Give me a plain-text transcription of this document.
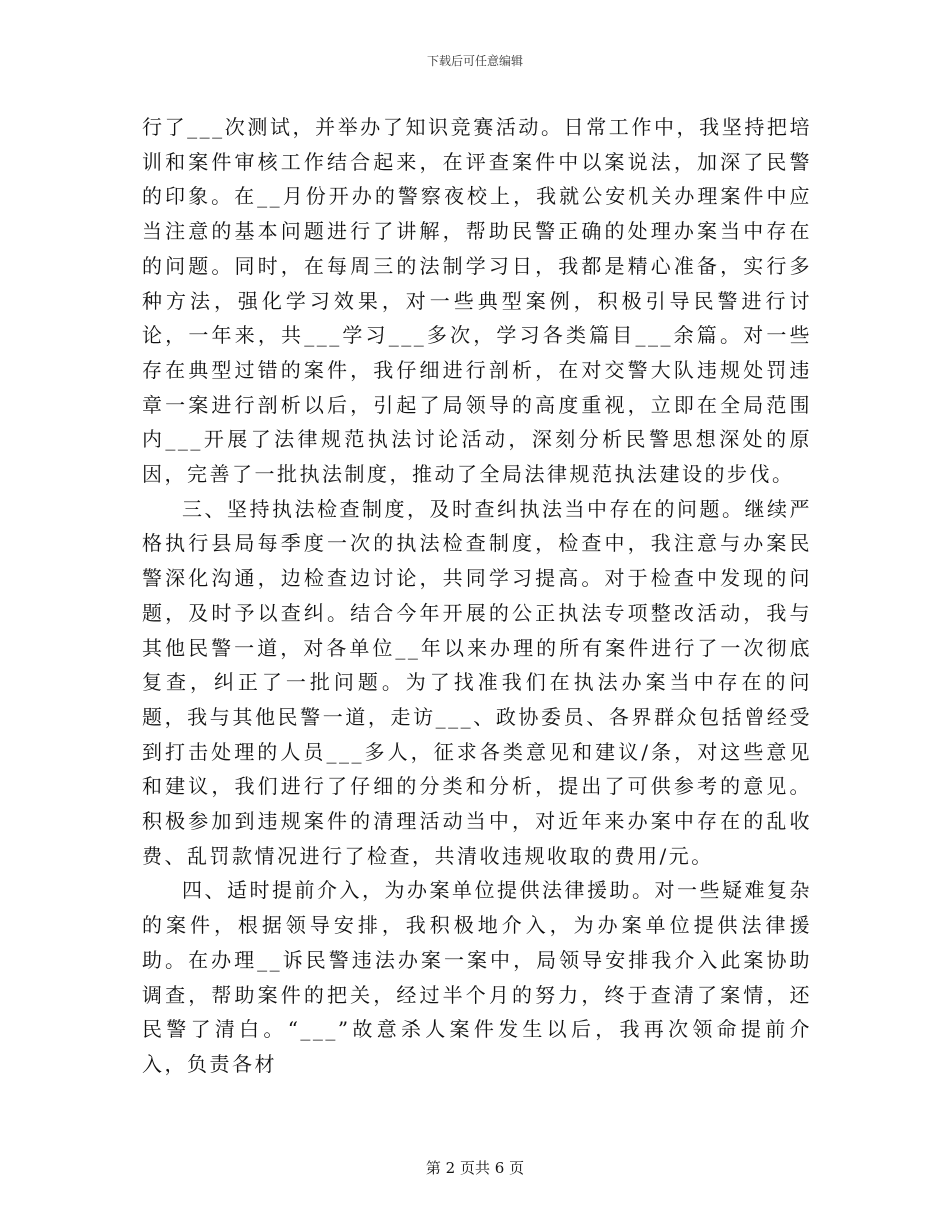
下载后可任意编辑

行了___次测试，并举办了知识竞赛活动。日常工作中，我坚持把培训和案件审核工作结合起来，在评查案件中以案说法，加深了民警的印象。在__月份开办的警察夜校上，我就公安机关办理案件中应当注意的基本问题进行了讲解，帮助民警正确的处理办案当中存在的问题。同时，在每周三的法制学习日，我都是精心准备，实行多种方法，强化学习效果，对一些典型案例，积极引导民警进行讨论，一年来，共___学习___多次，学习各类篇目___余篇。对一些存在典型过错的案件，我仔细进行剖析，在对交警大队违规处罚违章一案进行剖析以后，引起了局领导的高度重视，立即在全局范围内___开展了法律规范执法讨论活动，深刻分析民警思想深处的原因，完善了一批执法制度，推动了全局法律规范执法建设的步伐。

三、坚持执法检查制度，及时查纠执法当中存在的问题。继续严格执行县局每季度一次的执法检查制度，检查中，我注意与办案民警深化沟通，边检查边讨论，共同学习提高。对于检查中发现的问题，及时予以查纠。结合今年开展的公正执法专项整改活动，我与其他民警一道，对各单位__年以来办理的所有案件进行了一次彻底复查，纠正了一批问题。为了找准我们在执法办案当中存在的问题，我与其他民警一道，走访___、政协委员、各界群众包括曾经受到打击处理的人员___多人，征求各类意见和建议/条，对这些意见和建议，我们进行了仔细的分类和分析，提出了可供参考的意见。积极参加到违规案件的清理活动当中，对近年来办案中存在的乱收费、乱罚款情况进行了检查，共清收违规收取的费用/元。

四、适时提前介入，为办案单位提供法律援助。对一些疑难复杂的案件，根据领导安排，我积极地介入，为办案单位提供法律援助。在办理__诉民警违法办案一案中，局领导安排我介入此案协助调查，帮助案件的把关，经过半个月的努力，终于查清了案情，还民警了清白。“___”故意杀人案件发生以后，我再次领命提前介入，负责各材

第 2 页共 6 页
